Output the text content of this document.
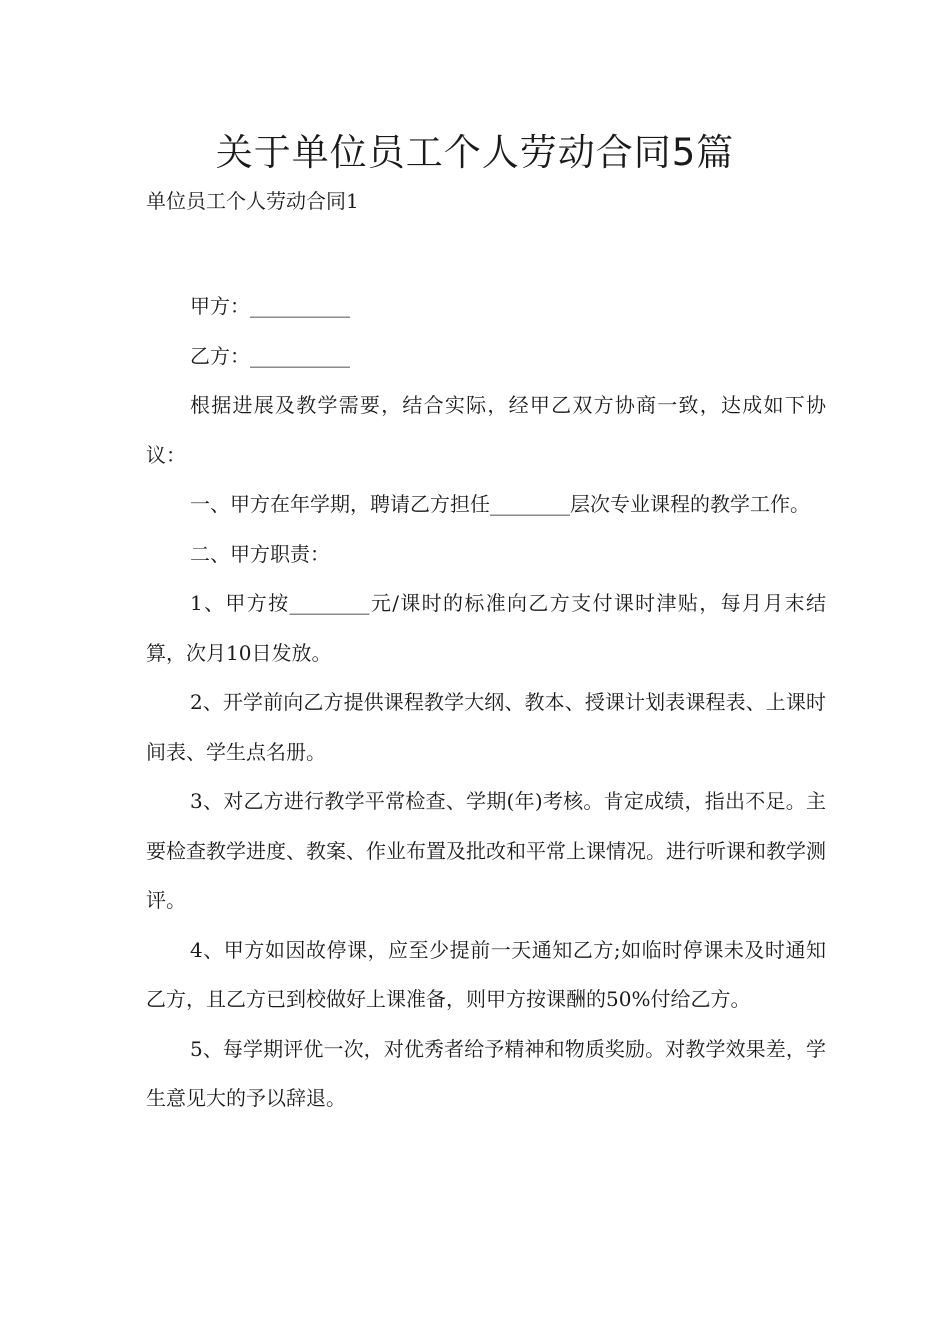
关于单位员工个人劳动合同5篇

单位员工个人劳动合同1

甲方：__________

乙方：__________

根据进展及教学需要，结合实际，经甲乙双方协商一致，达成如下协议：

一、甲方在年学期，聘请乙方担任________层次专业课程的教学工作。

二、甲方职责：

1、甲方按________元/课时的标准向乙方支付课时津贴，每月月末结算，次月10日发放。

2、开学前向乙方提供课程教学大纲、教本、授课计划表课程表、上课时间表、学生点名册。

3、对乙方进行教学平常检查、学期(年)考核。肯定成绩，指出不足。主要检查教学进度、教案、作业布置及批改和平常上课情况。进行听课和教学测评。

4、甲方如因故停课，应至少提前一天通知乙方;如临时停课未及时通知乙方，且乙方已到校做好上课准备，则甲方按课酬的50%付给乙方。

5、每学期评优一次，对优秀者给予精神和物质奖励。对教学效果差，学生意见大的予以辞退。
